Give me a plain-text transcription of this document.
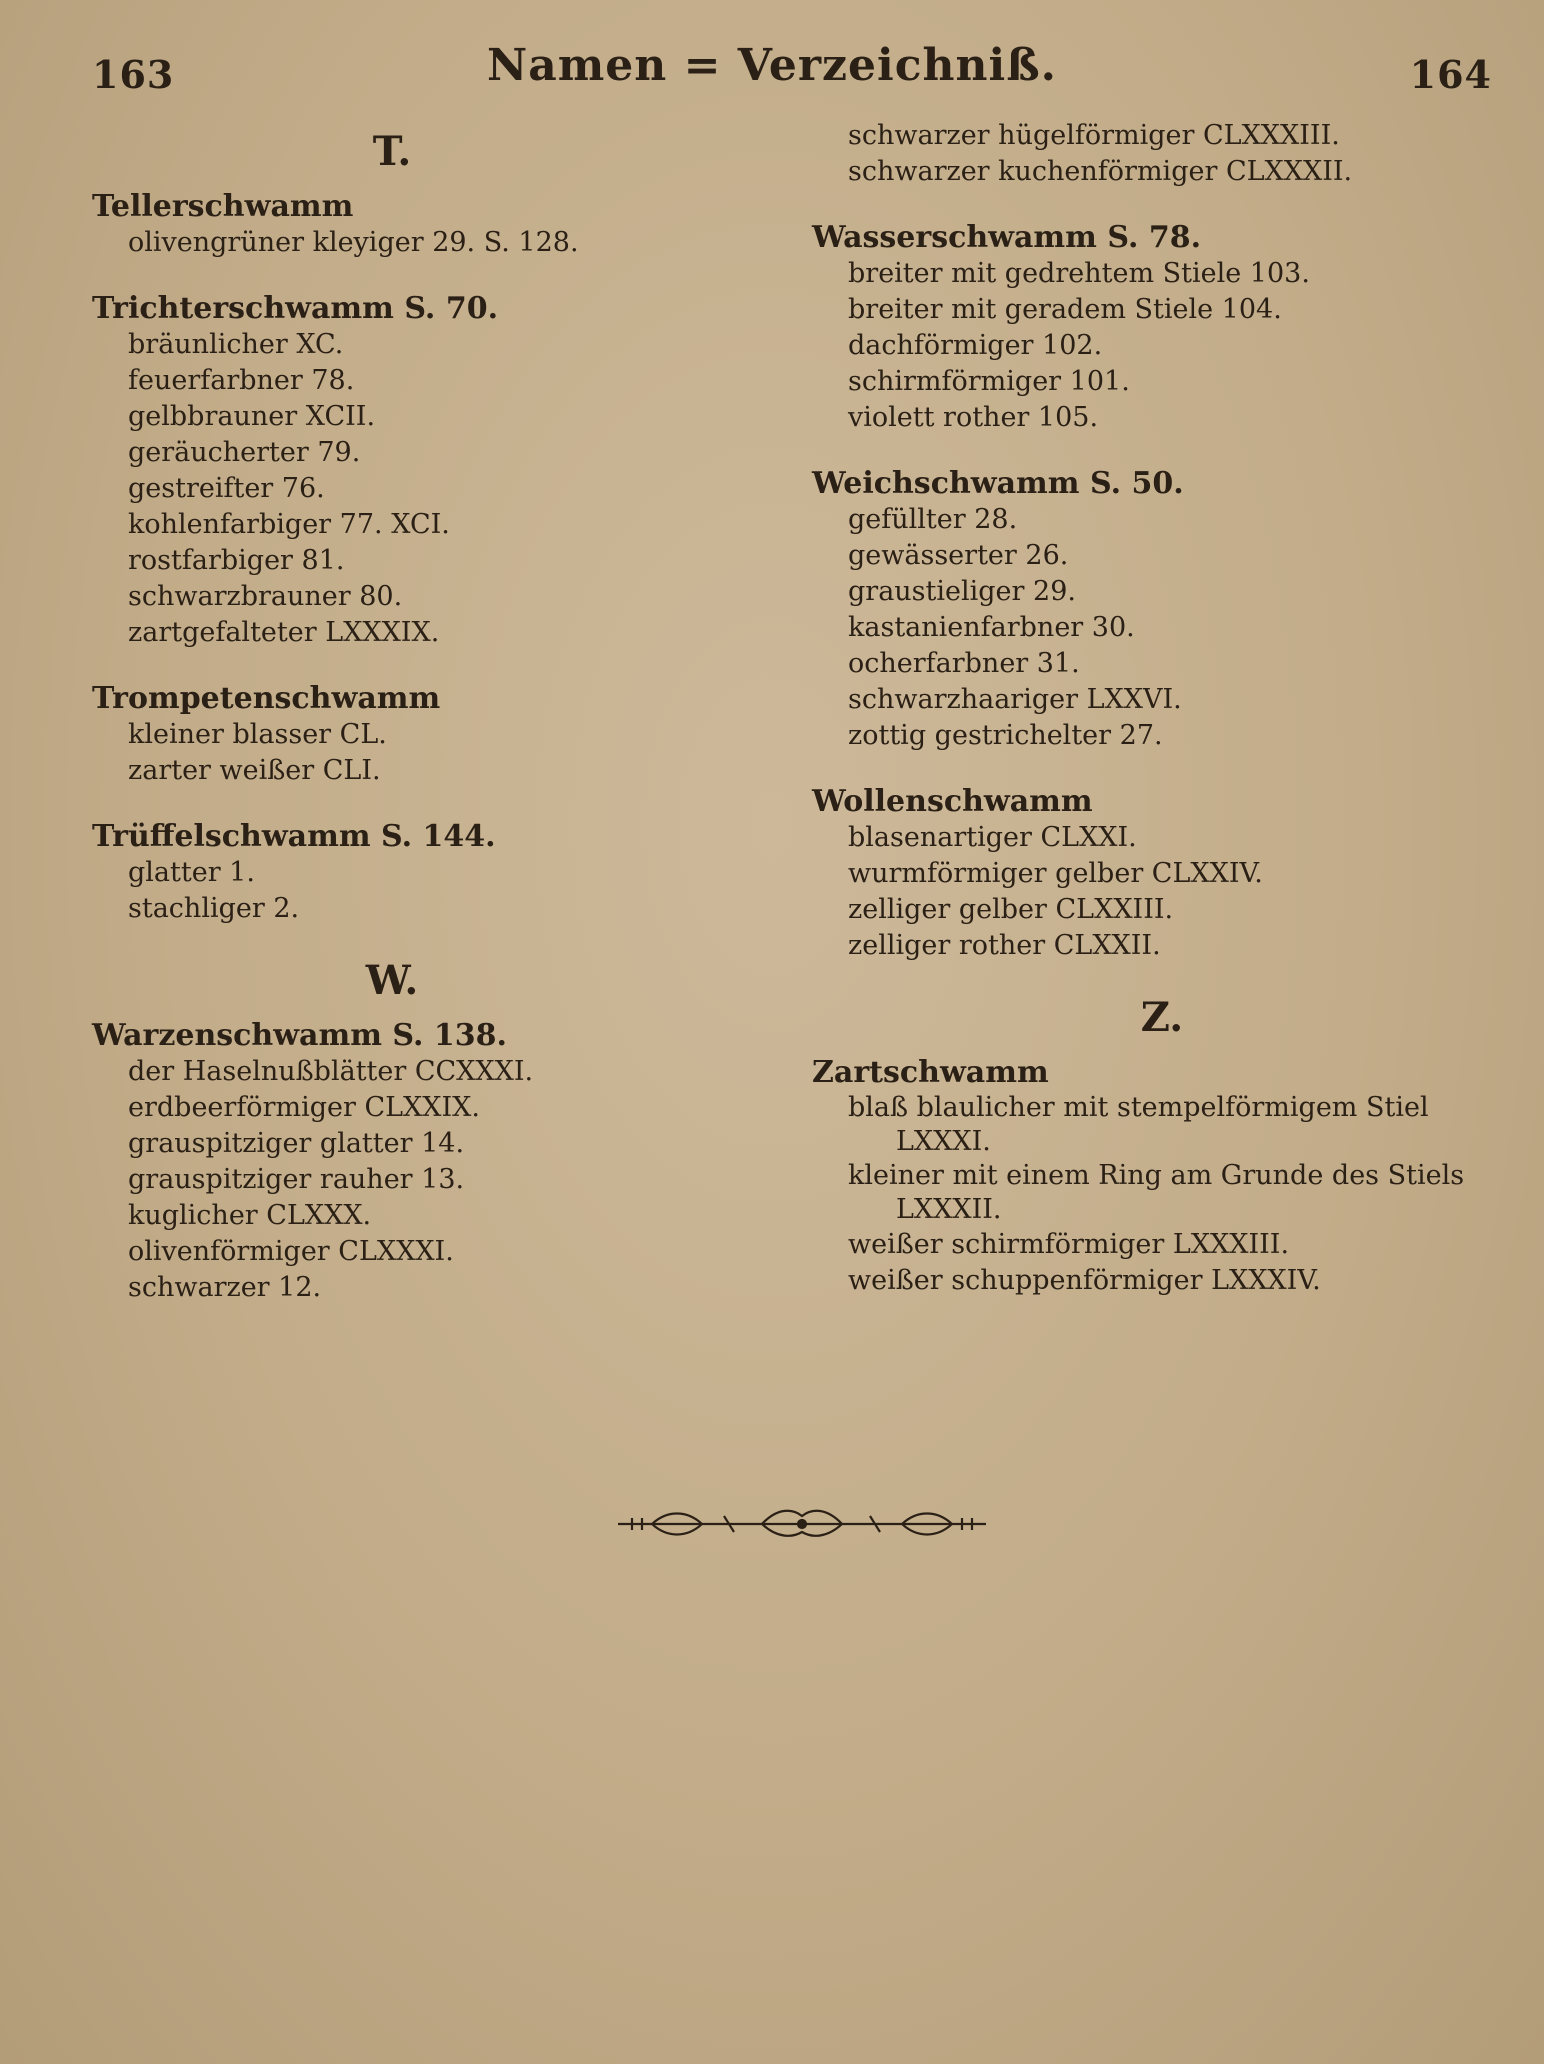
163	Namen = Verzeichniß.	164
T.
Tellerschwamm
olivengrüner kleyiger 29. S. 128.
Trichterschwamm S. 70.
bräunlicher XC.
feuerfarbner 78.
gelbbrauner XCII.
geräucherter 79.
gestreifter 76.
kohlenfarbiger 77. XCI.
rostfarbiger 81.
schwarzbrauner 80.
zartgefalteter LXXXIX.
Trompetenschwamm
kleiner blasser CL.
zarter weißer CLI.
Trüffelschwamm S. 144.
glatter 1.
stachliger 2.
W.
Warzenschwamm S. 138.
der Haselnußblätter CCXXXI.
erdbeerförmiger CLXXIX.
grauspitziger glatter 14.
grauspitziger rauher 13.
kuglicher CLXXX.
olivenförmiger CLXXXI.
schwarzer 12.
schwarzer hügelförmiger CLXXXIII.
schwarzer kuchenförmiger CLXXXII.
Wasserschwamm S. 78.
breiter mit gedrehtem Stiele 103.
breiter mit geradem Stiele 104.
dachförmiger 102.
schirmförmiger 101.
violett rother 105.
Weichschwamm S. 50.
gefüllter 28.
gewässerter 26.
graustieliger 29.
kastanienfarbner 30.
ocherfarbner 31.
schwarzhaariger LXXVI.
zottig gestrichelter 27.
Wollenschwamm
blasenartiger CLXXI.
wurmförmiger gelber CLXXIV.
zelliger gelber CLXXIII.
zelliger rother CLXXII.
Z.
Zartschwamm
blaß blaulicher mit stempelförmigem Stiel
LXXXI.
kleiner mit einem Ring am Grunde des Stiels
LXXXII.
weißer schirmförmiger LXXXIII.
weißer schuppenförmiger LXXXIV.
